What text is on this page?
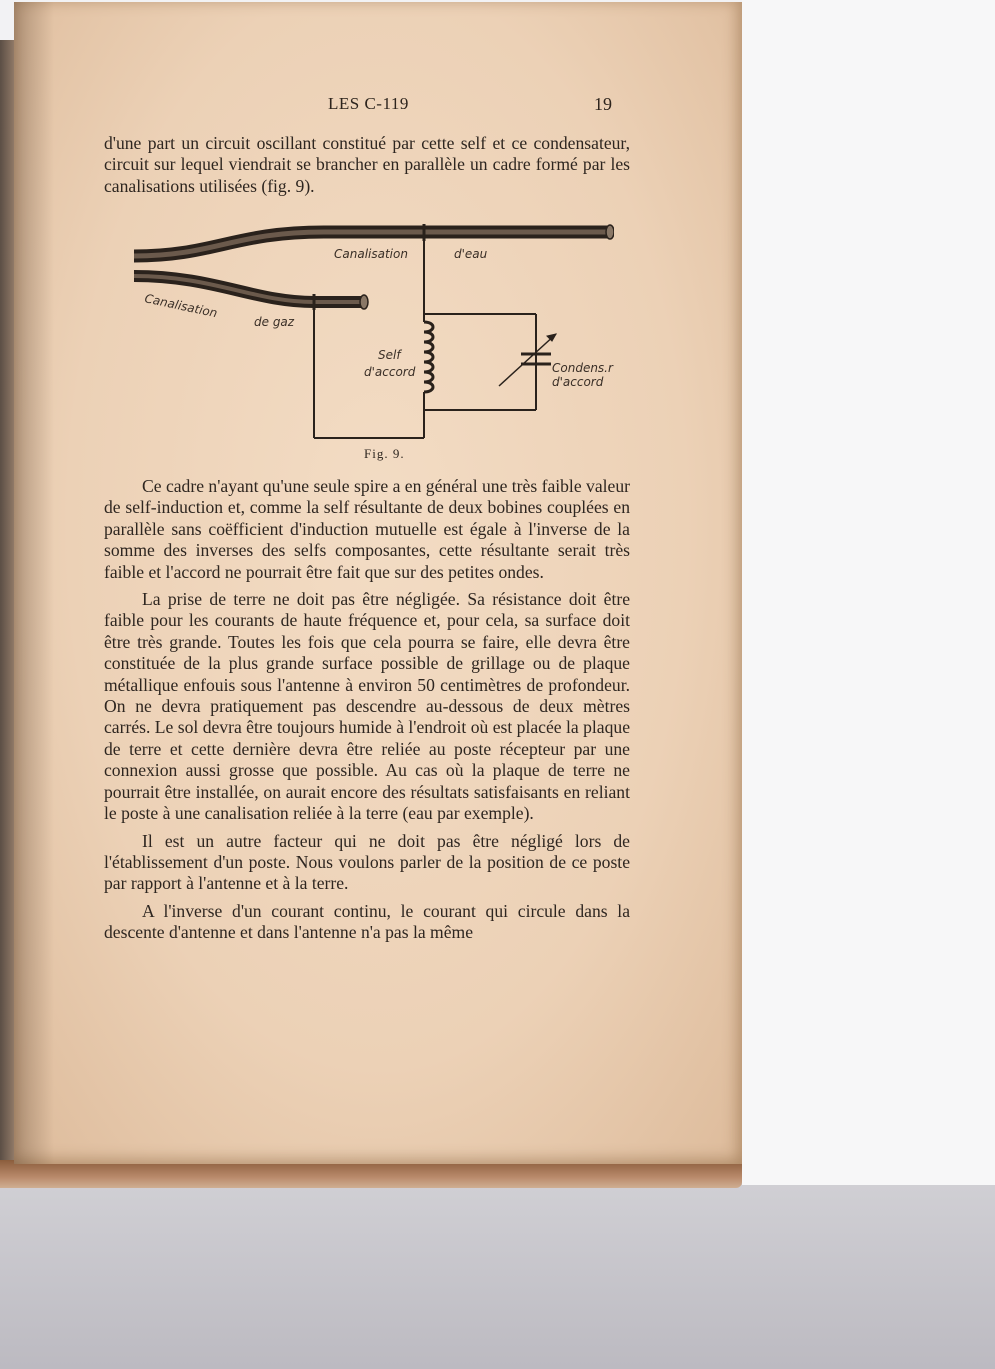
LES C-119	19

d'une part un circuit oscillant constitué par cette self et ce condensateur, circuit sur lequel viendrait se brancher en parallèle un cadre formé par les canalisations utilisées (fig. 9).

Canalisation	d'eau
Canalisation
de gaz
Self
d'accord	Condens.r
d'accord
Fig. 9.

Ce cadre n'ayant qu'une seule spire a en général une très faible valeur de self-induction et, comme la self résultante de deux bobines couplées en parallèle sans coëfficient d'induction mutuelle est égale à l'inverse de la somme des inverses des selfs composantes, cette résultante serait très faible et l'accord ne pourrait être fait que sur des petites ondes.

La prise de terre ne doit pas être négligée. Sa résistance doit être faible pour les courants de haute fréquence et, pour cela, sa surface doit être très grande. Toutes les fois que cela pourra se faire, elle devra être constituée de la plus grande surface possible de grillage ou de plaque métallique enfouis sous l'antenne à environ 50 centimètres de profondeur. On ne devra pratiquement pas descendre au-dessous de deux mètres carrés. Le sol devra être toujours humide à l'endroit où est placée la plaque de terre et cette dernière devra être reliée au poste récepteur par une connexion aussi grosse que possible. Au cas où la plaque de terre ne pourrait être installée, on aurait encore des résultats satisfaisants en reliant le poste à une canalisation reliée à la terre (eau par exemple).

Il est un autre facteur qui ne doit pas être négligé lors de l'établissement d'un poste. Nous voulons parler de la position de ce poste par rapport à l'antenne et à la terre.

A l'inverse d'un courant continu, le courant qui circule dans la descente d'antenne et dans l'antenne n'a pas la même
